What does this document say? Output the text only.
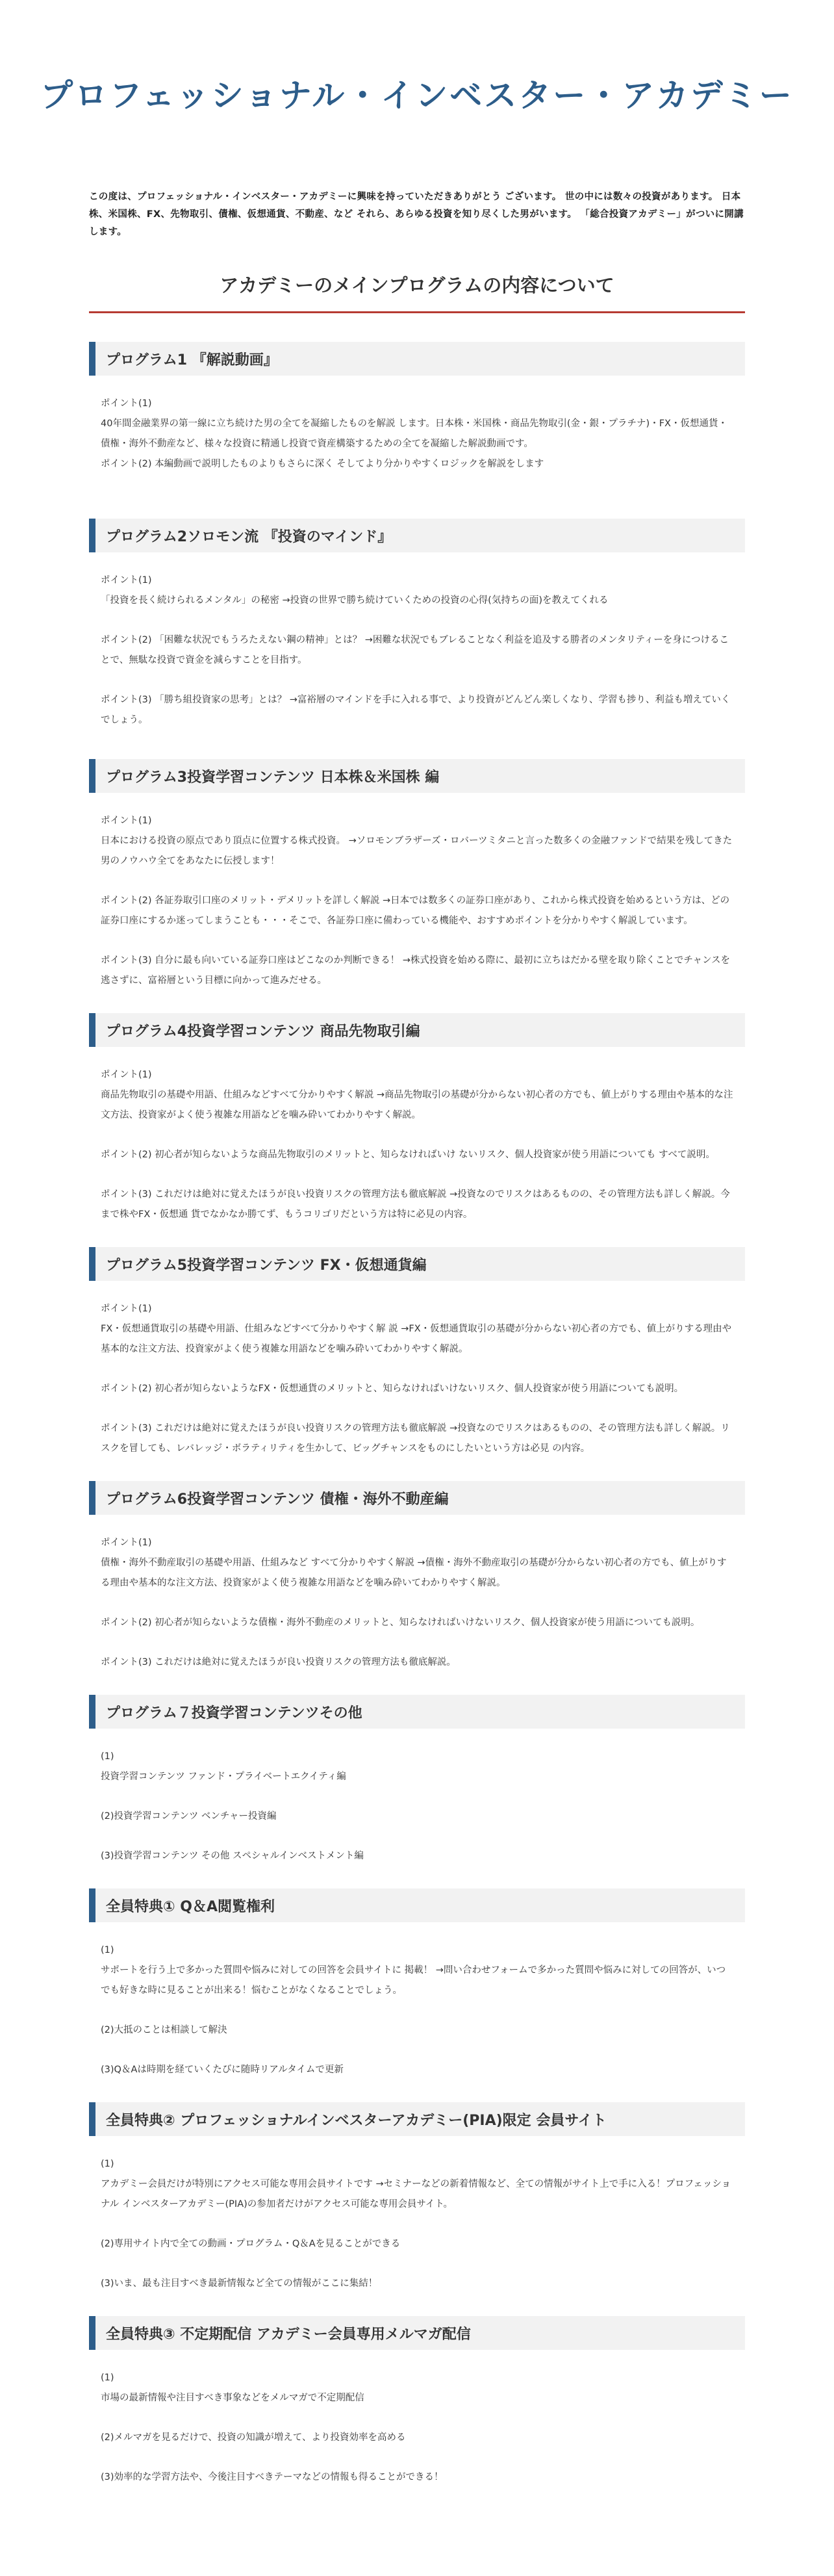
プロフェッショナル・インベスター・アカデミー

この度は、プロフェッショナル・インベスター・アカデミーに興味を持っていただきありがとう ございます。 世の中には数々の投資があります。 日本株、米国株、FX、先物取引、債権、仮想通貨、不動産、など それら、あらゆる投資を知り尽くした男がいます。 「総合投資アカデミー」がついに開講します。

アカデミーのメインプログラムの内容について
プログラム1 『解説動画』
ポイント(1)
40年間金融業界の第一線に立ち続けた男の全てを凝縮したものを解説 します。日本株・米国株・商品先物取引(金・銀・プラチナ)・FX・仮想通貨・債権・海外不動産など、様々な投資に精通し投資で資産構築するための全てを凝縮した解説動画です。
ポイント(2) 本編動画で説明したものよりもさらに深く そしてより分かりやすくロジックを解説をします
プログラム2ソロモン流 『投資のマインド』
ポイント(1)
「投資を長く続けられるメンタル」の秘密 →投資の世界で勝ち続けていくための投資の心得(気持ちの面)を教えてくれる
ポイント(2) 「困難な状況でもうろたえない鋼の精神」とは？ →困難な状況でもブレることなく利益を追及する勝者のメンタリティーを身につけることで、無駄な投資で資金を減らすことを目指す。
ポイント(3) 「勝ち組投資家の思考」とは？ →富裕層のマインドを手に入れる事で、より投資がどんどん楽しくなり、学習も捗り、利益も増えていくでしょう。
プログラム3投資学習コンテンツ 日本株＆米国株 編
ポイント(1)
日本における投資の原点であり頂点に位置する株式投資。 →ソロモンブラザーズ・ロバーツミタニと言った数多くの金融ファンドで結果を残してきた男のノウハウ全てをあなたに伝授します！
ポイント(2) 各証券取引口座のメリット・デメリットを詳しく解説 →日本では数多くの証券口座があり、これから株式投資を始めるという方は、どの証券口座にするか迷ってしまうことも・・・そこで、各証券口座に備わっている機能や、おすすめポイントを分かりやすく解説しています。
ポイント(3) 自分に最も向いている証券口座はどこなのか判断できる！ →株式投資を始める際に、最初に立ちはだかる壁を取り除くことでチャンスを逃さずに、富裕層という目標に向かって進みだせる。
プログラム4投資学習コンテンツ 商品先物取引編
ポイント(1)
商品先物取引の基礎や用語、仕組みなどすべて分かりやすく解説 →商品先物取引の基礎が分からない初心者の方でも、値上がりする理由や基本的な注 文方法、投資家がよく使う複雑な用語などを噛み砕いてわかりやすく解説。
ポイント(2) 初心者が知らないような商品先物取引のメリットと、知らなければいけ ないリスク、個人投資家が使う用語についても すべて説明。
ポイント(3) これだけは絶対に覚えたほうが良い投資リスクの管理方法も徹底解説 →投資なのでリスクはあるものの、その管理方法も詳しく解説。今まで株やFX・仮想通 貨でなかなか勝てず、もうコリゴリだという方は特に必見の内容。
プログラム5投資学習コンテンツ FX・仮想通貨編
ポイント(1)
FX・仮想通貨取引の基礎や用語、仕組みなどすべて分かりやすく解 説 →FX・仮想通貨取引の基礎が分からない初心者の方でも、値上がりする理由や基本的な注文方法、投資家がよく使う複雑な用語などを噛み砕いてわかりやすく解説。
ポイント(2) 初心者が知らないようなFX・仮想通貨のメリットと、知らなければいけないリスク、個人投資家が使う用語についても説明。
ポイント(3) これだけは絶対に覚えたほうが良い投資リスクの管理方法も徹底解説 →投資なのでリスクはあるものの、その管理方法も詳しく解説。リスクを冒しても、レバレッジ・ボラティリティを生かして、ビッグチャンスをものにしたいという方は必見 の内容。
プログラム6投資学習コンテンツ 債権・海外不動産編
ポイント(1)
債権・海外不動産取引の基礎や用語、仕組みなど すべて分かりやすく解説 →債権・海外不動産取引の基礎が分からない初心者の方でも、値上がりする理由や基本的な注文方法、投資家がよく使う複雑な用語などを噛み砕いてわかりやすく解説。
ポイント(2) 初心者が知らないような債権・海外不動産のメリットと、知らなければいけないリスク、個人投資家が使う用語についても説明。
ポイント(3) これだけは絶対に覚えたほうが良い投資リスクの管理方法も徹底解説。
プログラム７投資学習コンテンツその他
(1)
投資学習コンテンツ ファンド・プライベートエクイティ編
(2)投資学習コンテンツ ベンチャー投資編
(3)投資学習コンテンツ その他 スペシャルインベストメント編
全員特典① Q＆A閲覧権利
(1)
サポートを行う上で多かった質問や悩みに対しての回答を会員サイトに 掲載！ →問い合わせフォームで多かった質問や悩みに対しての回答が、いつでも好きな時に見ることが出来る！悩むことがなくなることでしょう。
(2)大抵のことは相談して解決
(3)Q＆Aは時期を経ていくたびに随時リアルタイムで更新
全員特典② プロフェッショナルインベスターアカデミー(PIA)限定 会員サイト
(1)
アカデミー会員だけが特別にアクセス可能な専用会員サイトです →セミナーなどの新着情報など、全ての情報がサイト上で手に入る！プロフェッショナル インベスターアカデミー(PIA)の参加者だけがアクセス可能な専用会員サイト。
(2)専用サイト内で全ての動画・プログラム・Q＆Aを見ることができる
(3)いま、最も注目すべき最新情報など全ての情報がここに集結！
全員特典③ 不定期配信 アカデミー会員専用メルマガ配信
(1)
市場の最新情報や注目すべき事象などをメルマガで不定期配信
(2)メルマガを見るだけで、投資の知識が増えて、より投資効率を高める
(3)効率的な学習方法や、今後注目すべきテーマなどの情報も得ることができる！
